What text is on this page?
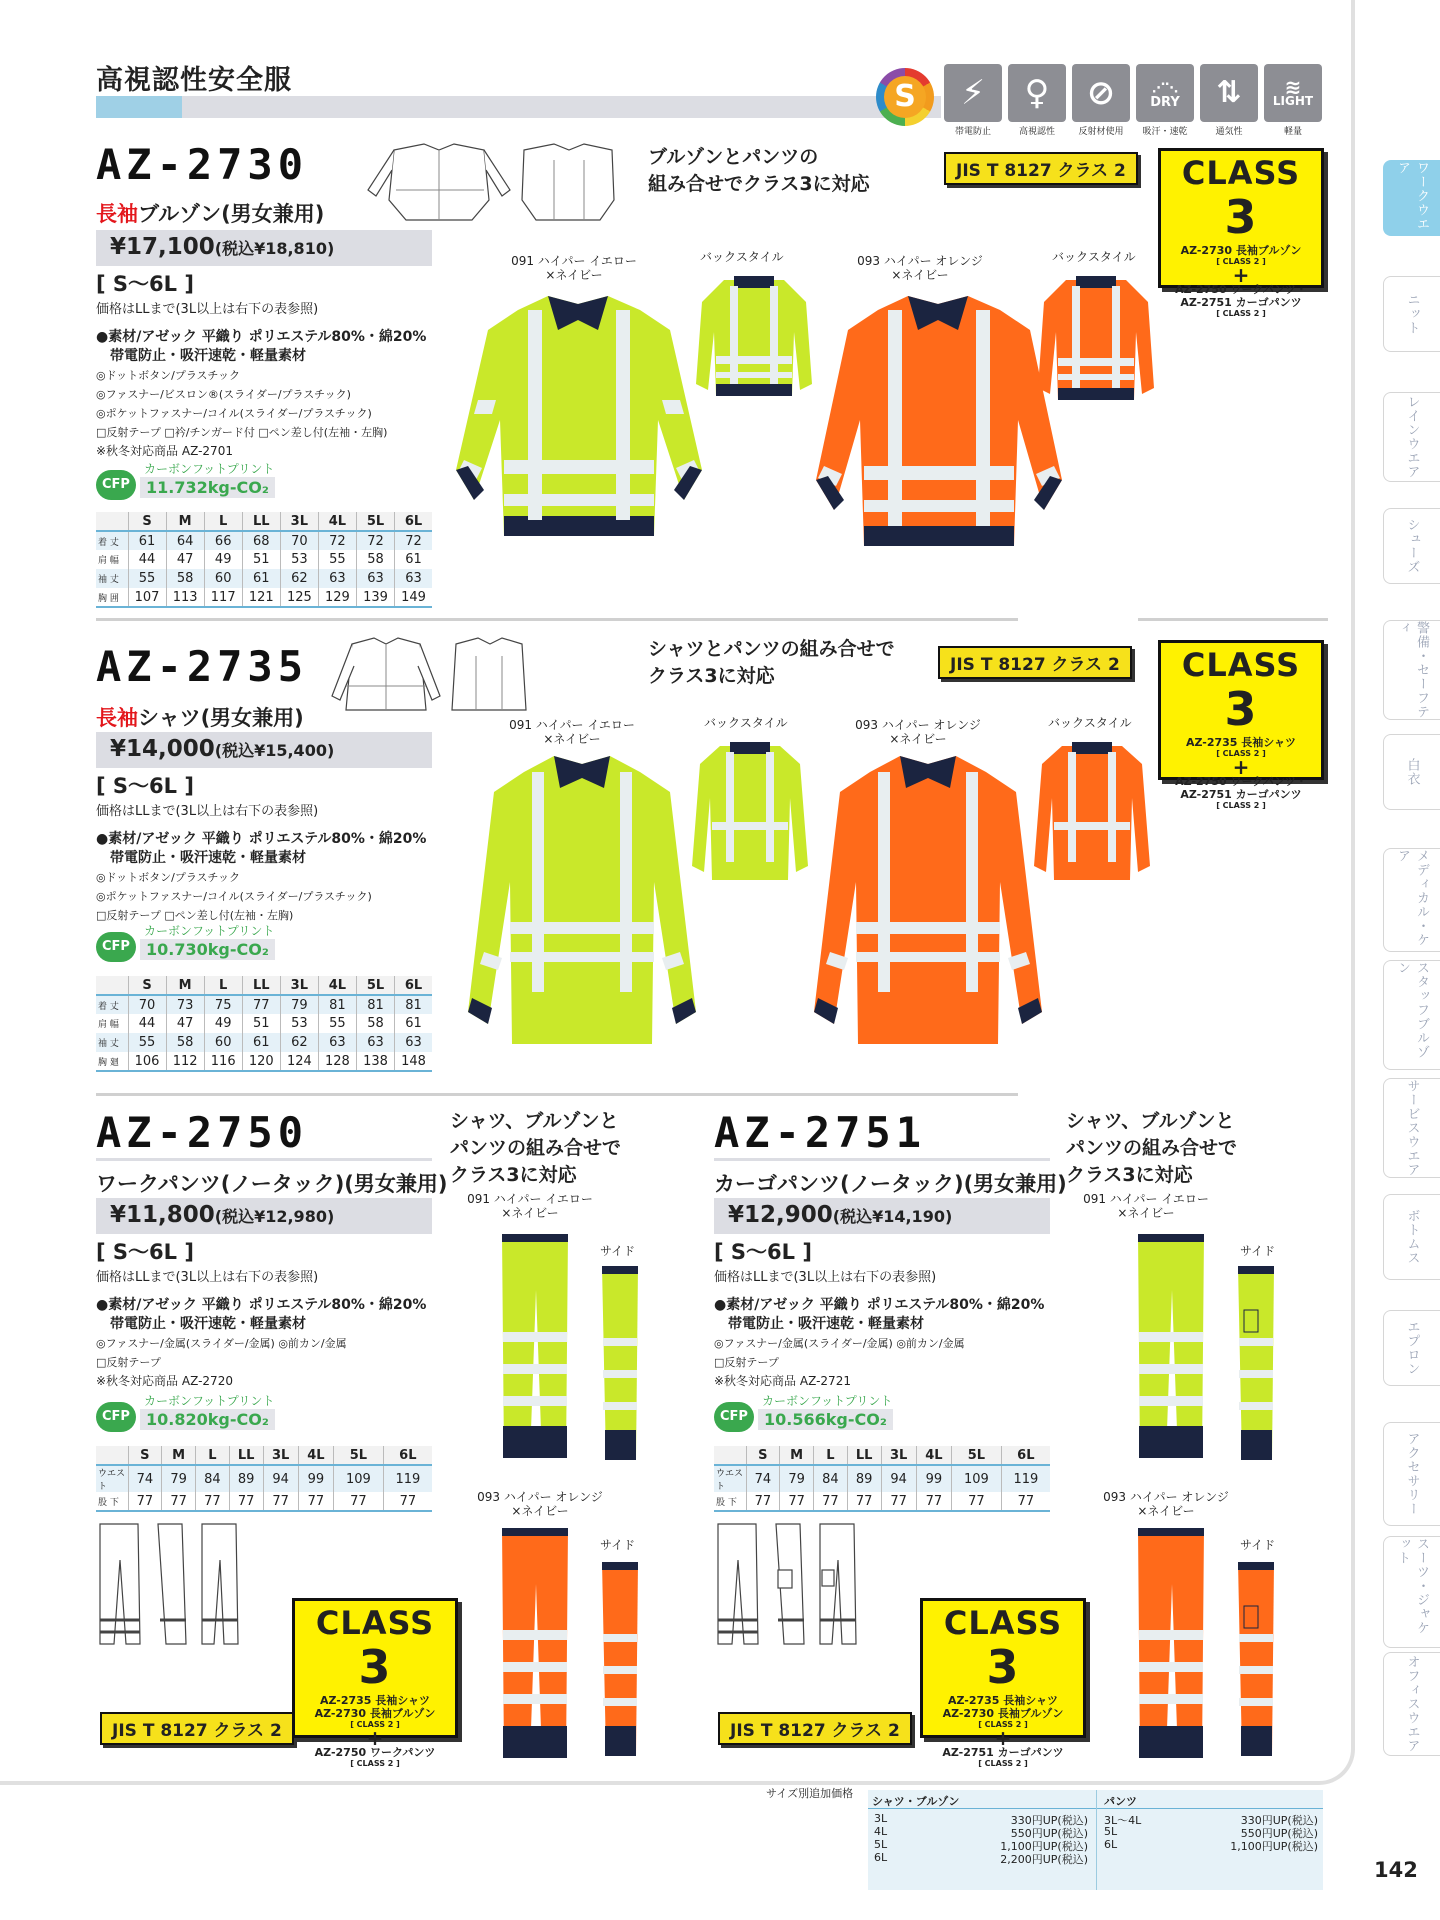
高視認性安全服	S	⚡
帯電防止
♀
高視認性
⊘
反射材使用
⋰⋱
DRY
吸汗・速乾
⇅
通気性
≋
LIGHT
軽量
AZ-2730
長袖ブルゾン(男女兼用)
¥17,100(税込¥18,810)
[ S～6L ]
価格はLLまで(3L以上は右下の表参照)
●素材/アゼック 平織り ポリエステル80%・綿20%
帯電防止・吸汗速乾・軽量素材
◎ドットボタン/プラスチック
◎ファスナー/ビスロン®(スライダー/プラスチック)
◎ポケットファスナー/コイル(スライダー/プラスチック)
□反射テープ □衿/チンガード付 □ペン差し付(左袖・左胸)
※秋冬対応商品 AZ-2701
CFP
カーボンフットプリント
11.732kg-CO₂
	S	M	L	LL	3L	4L	5L	6L
着 丈	61	64	66	68	70	72	72	72
肩 幅	44	47	49	51	53	55	58	61
袖 丈	55	58	60	61	62	63	63	63
胸 囲	107	113	117	121	125	129	139	149
ブルゾンとパンツの
組み合せでクラス3に対応
JIS T 8127 クラス 2	CLASS 3
AZ-2730 長袖ブルゾン
[ CLASS 2 ]
+
AZ-2750 ワークパンツ・
AZ-2751 カーゴパンツ
[ CLASS 2 ]
091 ハイパー イエロー
×ネイビー
バックスタイル	093 ハイパー オレンジ
×ネイビー
バックスタイル
AZ-2735
長袖シャツ(男女兼用)
¥14,000(税込¥15,400)
[ S～6L ]
価格はLLまで(3L以上は右下の表参照)
●素材/アゼック 平織り ポリエステル80%・綿20%
帯電防止・吸汗速乾・軽量素材
◎ドットボタン/プラスチック
◎ポケットファスナー/コイル(スライダー/プラスチック)
□反射テープ □ペン差し付(左袖・左胸)
CFP
カーボンフットプリント
10.730kg-CO₂
	S	M	L	LL	3L	4L	5L	6L
着 丈	70	73	75	77	79	81	81	81
肩 幅	44	47	49	51	53	55	58	61
袖 丈	55	58	60	61	62	63	63	63
胸 廻	106	112	116	120	124	128	138	148
シャツとパンツの組み合せで
クラス3に対応	JIS T 8127 クラス 2	CLASS 3
AZ-2735 長袖シャツ
[ CLASS 2 ]
+
AZ-2750 ワークパンツ・
AZ-2751 カーゴパンツ
[ CLASS 2 ]
091 ハイパー イエロー
×ネイビー
バックスタイル	093 ハイパー オレンジ
×ネイビー
バックスタイル
AZ-2750
ワークパンツ(ノータック)(男女兼用)
¥11,800(税込¥12,980)
[ S～6L ]
価格はLLまで(3L以上は右下の表参照)
●素材/アゼック 平織り ポリエステル80%・綿20%
帯電防止・吸汗速乾・軽量素材
◎ファスナー/金属(スライダー/金属) ◎前カン/金属
□反射テープ
※秋冬対応商品 AZ-2720
CFP
カーボンフットプリント
10.820kg-CO₂
	S	M	L	LL	3L	4L	5L	6L
ウエスト	74	79	84	89	94	99	109	119
股 下	77	77	77	77	77	77	77	77
JIS T 8127 クラス 2
CLASS 3
AZ-2735 長袖シャツ
AZ-2730 長袖ブルゾン
[ CLASS 2 ]
+
AZ-2750 ワークパンツ
[ CLASS 2 ]
シャツ、ブルゾンと
パンツの組み合せで
クラス3に対応
091 ハイパー イエロー
×ネイビー
サイド
093 ハイパー オレンジ
×ネイビー
サイド
AZ-2751
カーゴパンツ(ノータック)(男女兼用)
¥12,900(税込¥14,190)
[ S～6L ]
価格はLLまで(3L以上は右下の表参照)
●素材/アゼック 平織り ポリエステル80%・綿20%
帯電防止・吸汗速乾・軽量素材
◎ファスナー/金属(スライダー/金属) ◎前カン/金属
□反射テープ
※秋冬対応商品 AZ-2721
CFP
カーボンフットプリント
10.566kg-CO₂
	S	M	L	LL	3L	4L	5L	6L
ウエスト	74	79	84	89	94	99	109	119
股 下	77	77	77	77	77	77	77	77
JIS T 8127 クラス 2
CLASS 3
AZ-2735 長袖シャツ
AZ-2730 長袖ブルゾン
[ CLASS 2 ]
+
AZ-2751 カーゴパンツ
[ CLASS 2 ]
シャツ、ブルゾンと
パンツの組み合せで
クラス3に対応
091 ハイパー イエロー
×ネイビー
サイド
093 ハイパー オレンジ
×ネイビー
サイド
ワークウエア
ニット
レインウエア
シューズ
警備・セーフティ
白衣
メディカル・ケア
スタッフブルゾン
サービスウエア
ボトムス
エプロン
アクセサリー
スーツ・ジャケット
オフィスウエア
サイズ別追加価格
シャツ・ブルゾン	パンツ
3L	330円UP(税込) 3L～4L	330円UP(税込)
4L	550円UP(税込) 5L	550円UP(税込)
5L	1,100円UP(税込) 6L	1,100円UP(税込)
6L	2,200円UP(税込)	142
